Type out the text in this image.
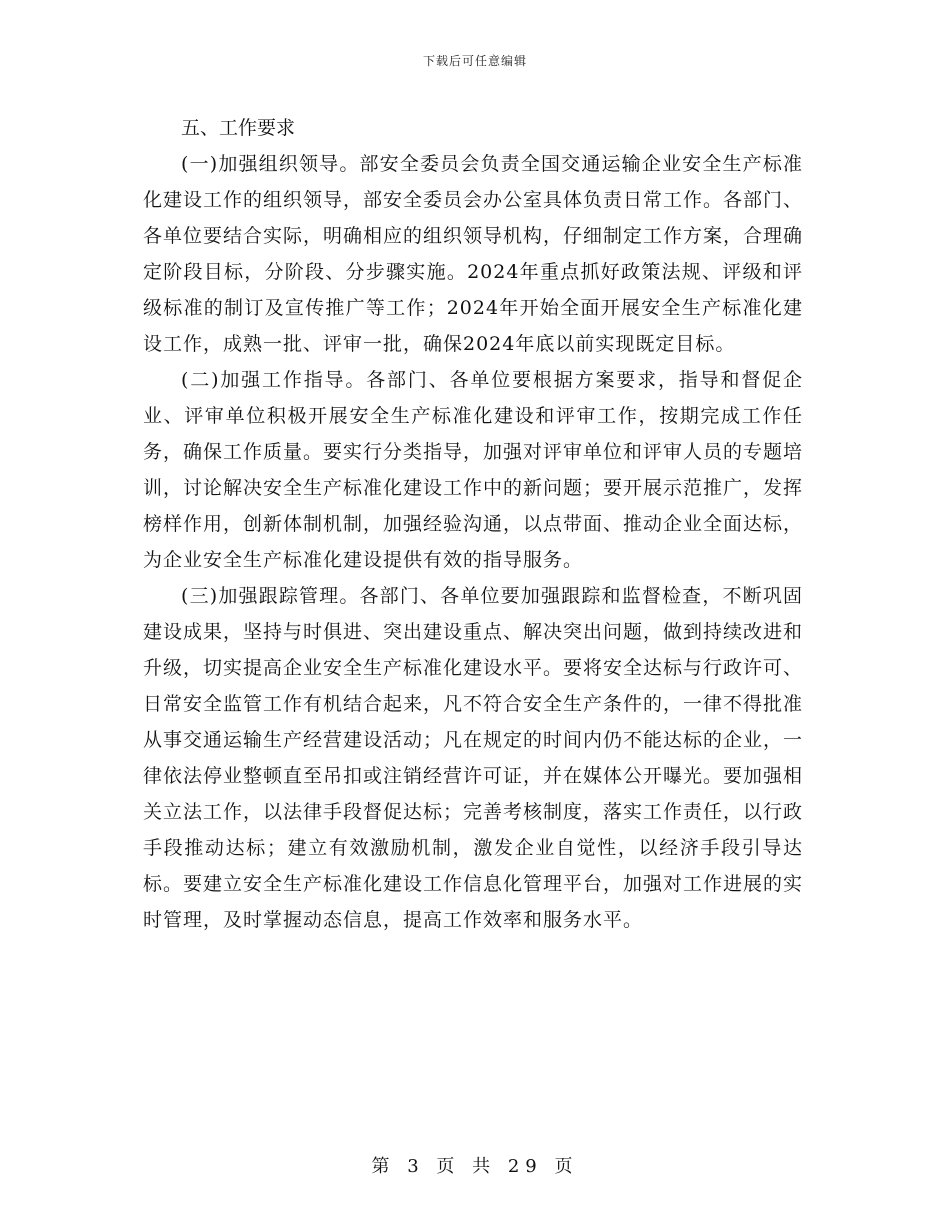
下载后可任意编辑
五、工作要求

(一)加强组织领导。部安全委员会负责全国交通运输企业安全生产标准化建设工作的组织领导，部安全委员会办公室具体负责日常工作。各部门、各单位要结合实际，明确相应的组织领导机构，仔细制定工作方案，合理确定阶段目标，分阶段、分步骤实施。2024年重点抓好政策法规、评级和评级标准的制订及宣传推广等工作；2024年开始全面开展安全生产标准化建设工作，成熟一批、评审一批，确保2024年底以前实现既定目标。

(二)加强工作指导。各部门、各单位要根据方案要求，指导和督促企业、评审单位积极开展安全生产标准化建设和评审工作，按期完成工作任务，确保工作质量。要实行分类指导，加强对评审单位和评审人员的专题培训，讨论解决安全生产标准化建设工作中的新问题；要开展示范推广，发挥榜样作用，创新体制机制，加强经验沟通，以点带面、推动企业全面达标，为企业安全生产标准化建设提供有效的指导服务。

(三)加强跟踪管理。各部门、各单位要加强跟踪和监督检查，不断巩固建设成果，坚持与时俱进、突出建设重点、解决突出问题，做到持续改进和升级，切实提高企业安全生产标准化建设水平。要将安全达标与行政许可、日常安全监管工作有机结合起来，凡不符合安全生产条件的，一律不得批准从事交通运输生产经营建设活动；凡在规定的时间内仍不能达标的企业，一律依法停业整顿直至吊扣或注销经营许可证，并在媒体公开曝光。要加强相关立法工作，以法律手段督促达标；完善考核制度，落实工作责任，以行政手段推动达标；建立有效激励机制，激发企业自觉性，以经济手段引导达标。要建立安全生产标准化建设工作信息化管理平台，加强对工作进展的实时管理，及时掌握动态信息，提高工作效率和服务水平。

第 3 页 共 29 页
